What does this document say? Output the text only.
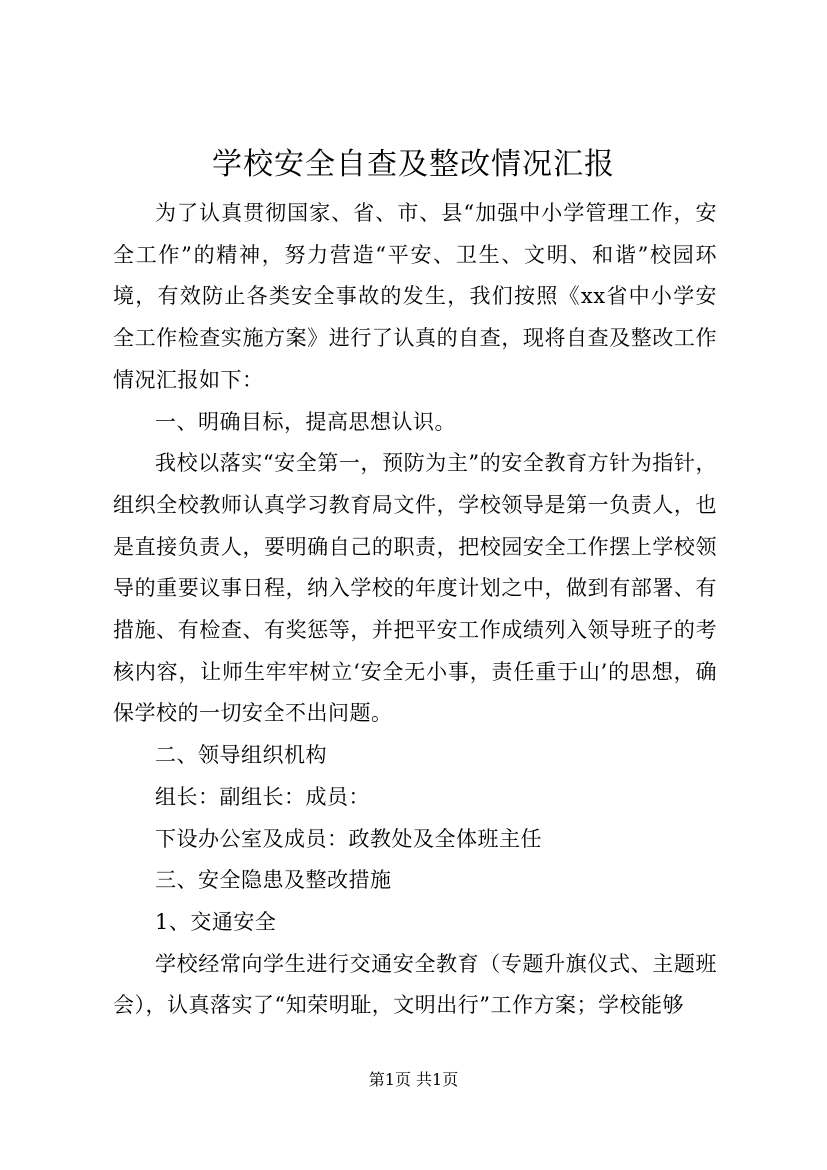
学校安全自查及整改情况汇报

为了认真贯彻国家、省、市、县“加强中小学管理工作，安全工作”的精神，努力营造“平安、卫生、文明、和谐”校园环境，有效防止各类安全事故的发生，我们按照《xx省中小学安全工作检查实施方案》进行了认真的自查，现将自查及整改工作情况汇报如下：

一、明确目标，提高思想认识。

我校以落实“安全第一，预防为主”的安全教育方针为指针，组织全校教师认真学习教育局文件，学校领导是第一负责人，也是直接负责人，要明确自己的职责，把校园安全工作摆上学校领导的重要议事日程，纳入学校的年度计划之中，做到有部署、有措施、有检查、有奖惩等，并把平安工作成绩列入领导班子的考核内容，让师生牢牢树立‘安全无小事，责任重于山’的思想，确保学校的一切安全不出问题。

二、领导组织机构

组长：副组长：成员：

下设办公室及成员：政教处及全体班主任

三、安全隐患及整改措施

1、交通安全

学校经常向学生进行交通安全教育（专题升旗仪式、主题班会），认真落实了“知荣明耻，文明出行”工作方案；学校能够

第1页 共1页
